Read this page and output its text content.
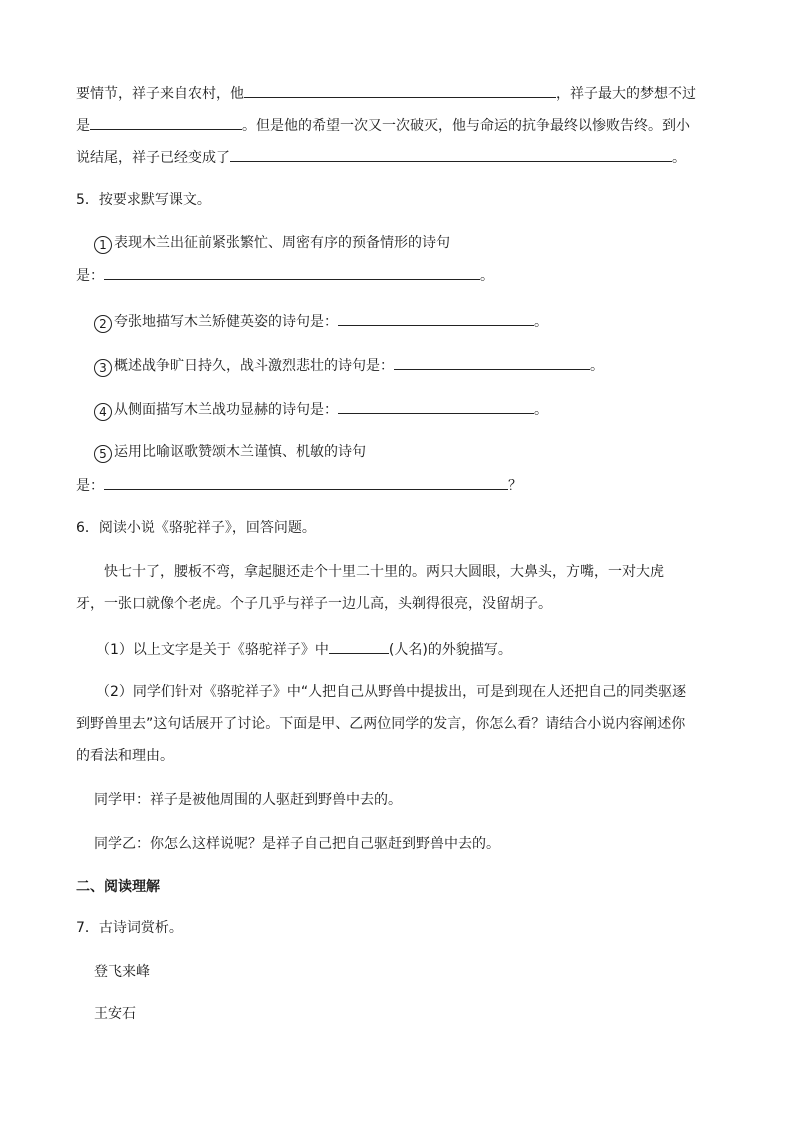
要情节，祥子来自农村，他	，祥子最大的梦想不过
是	。但是他的希望一次又一次破灭，他与命运的抗争最终以惨败告终。到小
说结尾，祥子已经变成了	。
5．按要求默写课文。
1 表现木兰出征前紧张繁忙、周密有序的预备情形的诗句
是：	。
2 夸张地描写木兰矫健英姿的诗句是：	。
3 概述战争旷日持久，战斗激烈悲壮的诗句是：	。
4 从侧面描写木兰战功显赫的诗句是：	。
5 运用比喻讴歌赞颂木兰谨慎、机敏的诗句
是：	？
6．阅读小说《骆驼祥子》，回答问题。
快七十了，腰板不弯，拿起腿还走个十里二十里的。两只大圆眼，大鼻头，方嘴，一对大虎
牙，一张口就像个老虎。个子几乎与祥子一边儿高，头剃得很亮，没留胡子。
（1）以上文字是关于《骆驼祥子》中	(人名)的外貌描写。
（2）同学们针对《骆驼祥子》中“人把自己从野兽中提拔出，可是到现在人还把自己的同类驱逐
到野兽里去”这句话展开了讨论。下面是甲、乙两位同学的发言，你怎么看？请结合小说内容阐述你
的看法和理由。
同学甲：祥子是被他周围的人驱赶到野兽中去的。
同学乙：你怎么这样说呢？是祥子自己把自己驱赶到野兽中去的。
二、阅读理解
7．古诗词赏析。
登飞来峰
王安石
